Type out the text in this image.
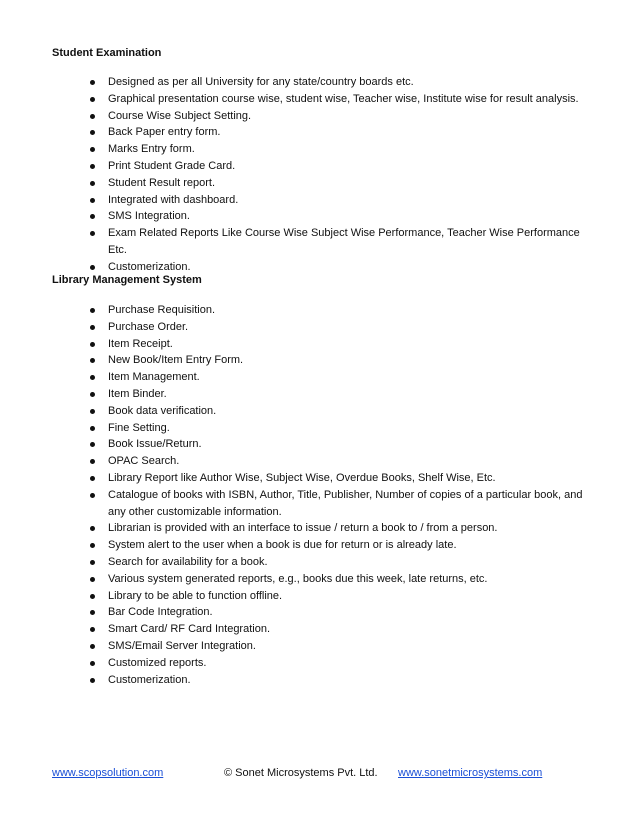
Student Examination
Designed as per all University for any state/country boards etc.
Graphical presentation course wise, student wise, Teacher wise, Institute wise for result analysis.
Course Wise Subject Setting.
Back Paper entry form.
Marks Entry form.
Print Student Grade Card.
Student Result report.
Integrated with dashboard.
SMS Integration.
Exam Related Reports Like Course Wise Subject Wise Performance, Teacher Wise Performance Etc.
Customerization.
Library Management System
Purchase Requisition.
Purchase Order.
Item Receipt.
New Book/Item Entry Form.
Item Management.
Item Binder.
Book data verification.
Fine Setting.
Book Issue/Return.
OPAC Search.
Library Report like Author Wise, Subject Wise, Overdue Books, Shelf Wise, Etc.
Catalogue of books with ISBN, Author, Title, Publisher, Number of copies of a particular book, and any other customizable information.
Librarian is provided with an interface to issue / return a book to / from a person.
System alert to the user when a book is due for return or is already late.
Search for availability for a book.
Various system generated reports, e.g., books due this week, late returns, etc.
Library to be able to function offline.
Bar Code Integration.
Smart Card/ RF Card Integration.
SMS/Email Server Integration.
Customized reports.
Customerization.
www.scopsolution.com	© Sonet Microsystems Pvt. Ltd. www.sonetmicrosystems.com
